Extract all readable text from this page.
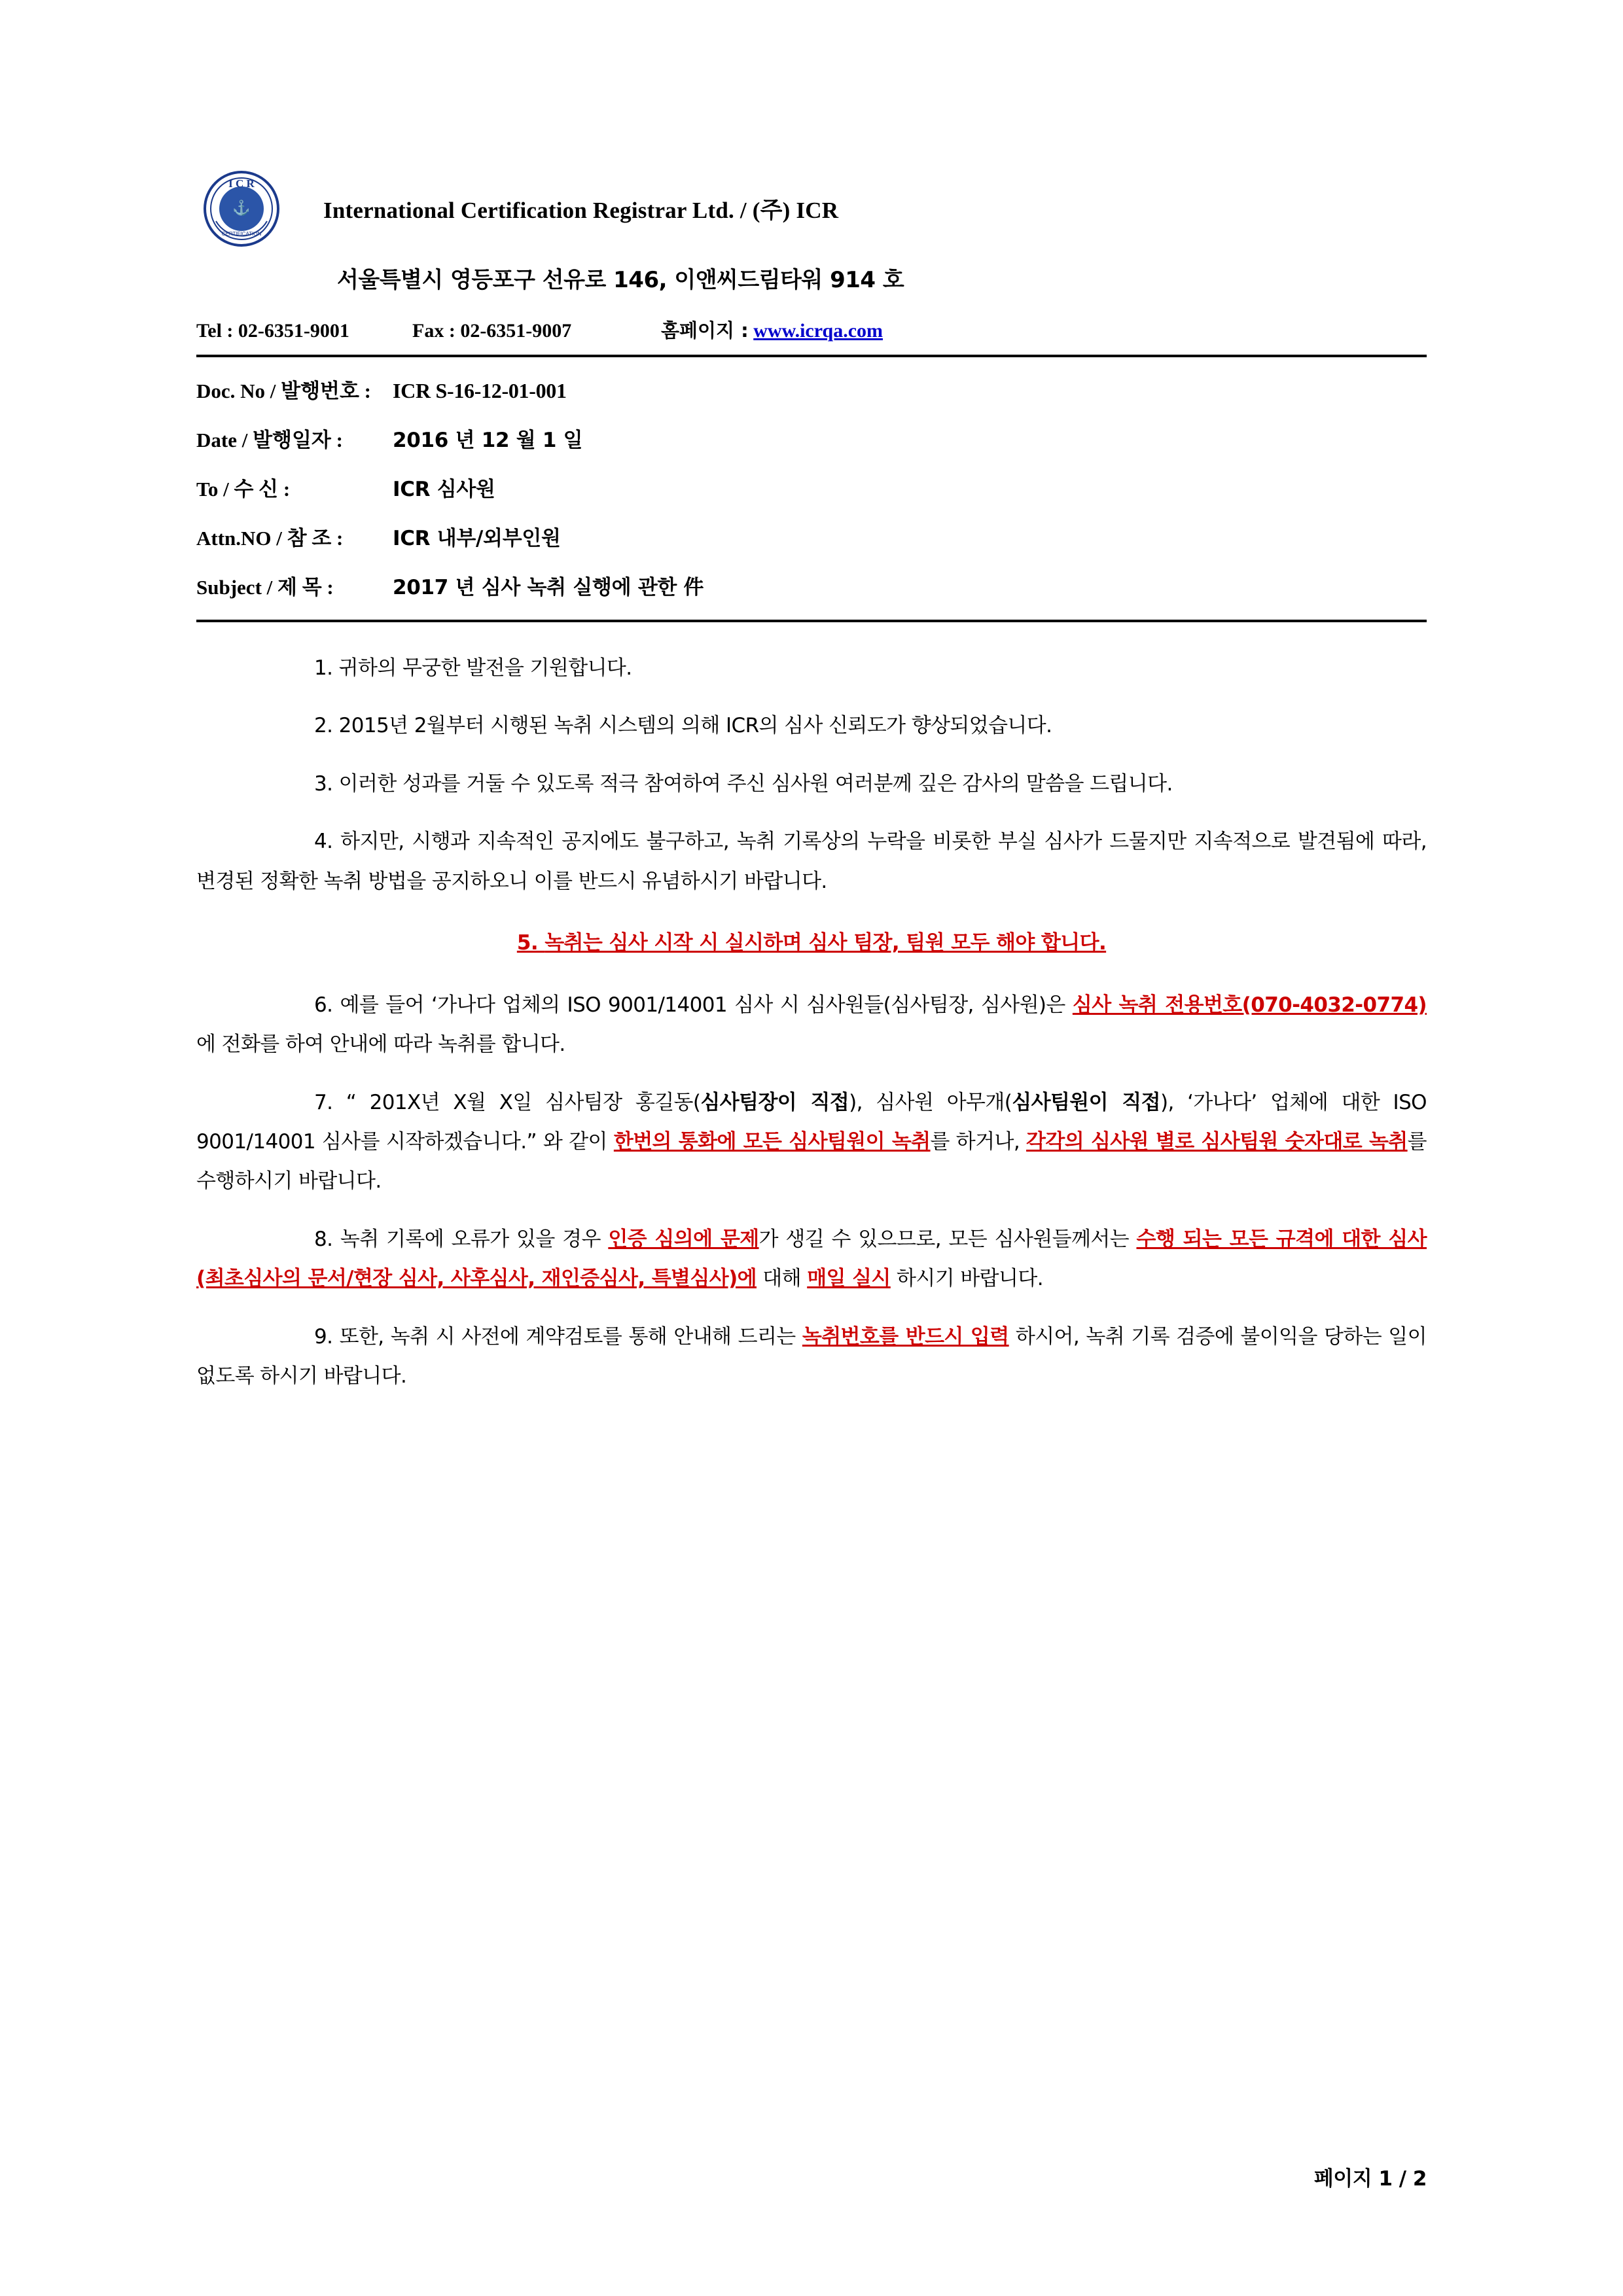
I C R
⚓
CERTIFICATION
International Certification Registrar Ltd. / (주) ICR
서울특별시 영등포구 선유로 146, 이앤씨드림타워 914 호
Tel : 02-6351-9001	Fax : 02-6351-9007	홈페이지 : www.icrqa.com
Doc. No / 발행번호 :	ICR S-16-12-01-001
Date / 발행일자 :	2016 년 12 월 1 일
To / 수 신 :	ICR 심사원
Attn.NO / 참 조 :	ICR 내부/외부인원
Subject / 제 목 :	2017 년 심사 녹취 실행에 관한 件

1. 귀하의 무궁한 발전을 기원합니다.

2. 2015년 2월부터 시행된 녹취 시스템의 의해 ICR의 심사 신뢰도가 향상되었습니다.

3. 이러한 성과를 거둘 수 있도록 적극 참여하여 주신 심사원 여러분께 깊은 감사의 말씀을 드립니다.

4. 하지만, 시행과 지속적인 공지에도 불구하고, 녹취 기록상의 누락을 비롯한 부실 심사가 드물지만 지속적으로 발견됨에 따라, 변경된 정확한 녹취 방법을 공지하오니 이를 반드시 유념하시기 바랍니다.

5. 녹취는 심사 시작 시 실시하며 심사 팀장, 팀원 모두 해야 합니다.

6. 예를 들어 ‘가나다 업체의 ISO 9001/14001 심사 시 심사원들(심사팀장, 심사원)은 심사 녹취 전용번호(070-4032-0774)에 전화를 하여 안내에 따라 녹취를 합니다.

7. “ 201X년 X월 X일 심사팀장 홍길동(심사팀장이 직접), 심사원 아무개(심사팀원이 직접), ‘가나다’ 업체에 대한 ISO 9001/14001 심사를 시작하겠습니다.” 와 같이 한번의 통화에 모든 심사팀원이 녹취를 하거나, 각각의 심사원 별로 심사팀원 숫자대로 녹취를 수행하시기 바랍니다.

8. 녹취 기록에 오류가 있을 경우 인증 심의에 문제가 생길 수 있으므로, 모든 심사원들께서는 수행 되는 모든 규격에 대한 심사(최초심사의 문서/현장 심사, 사후심사, 재인증심사, 특별심사)에 대해 매일 실시 하시기 바랍니다.

9. 또한, 녹취 시 사전에 계약검토를 통해 안내해 드리는 녹취번호를 반드시 입력 하시어, 녹취 기록 검증에 불이익을 당하는 일이 없도록 하시기 바랍니다.

페이지 1 / 2
